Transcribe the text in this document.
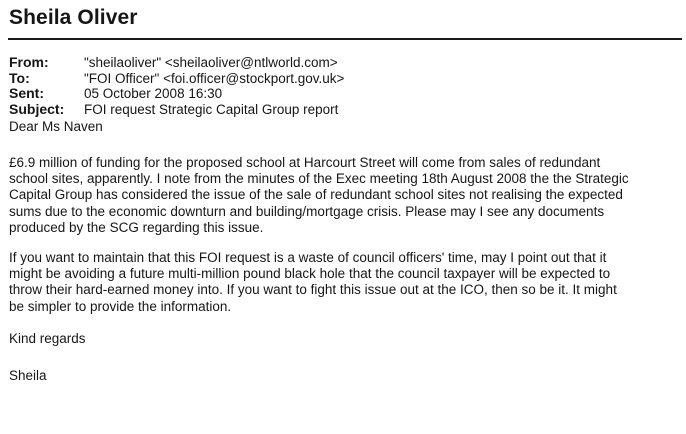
Sheila Oliver
From:	"sheilaoliver" <sheilaoliver@ntlworld.com>
To:	"FOI Officer" <foi.officer@stockport.gov.uk>
Sent:	05 October 2008 16:30
Subject:	FOI request Strategic Capital Group report
Dear Ms Naven
£6.9 million of funding for the proposed school at Harcourt Street will come from sales of redundant
school sites, apparently. I note from the minutes of the Exec meeting 18th August 2008 the the Strategic
Capital Group has considered the issue of the sale of redundant school sites not realising the expected
sums due to the economic downturn and building/mortgage crisis. Please may I see any documents
produced by the SCG regarding this issue.
If you want to maintain that this FOI request is a waste of council officers' time, may I point out that it
might be avoiding a future multi-million pound black hole that the council taxpayer will be expected to
throw their hard-earned money into. If you want to fight this issue out at the ICO, then so be it. It might
be simpler to provide the information.
Kind regards
Sheila
